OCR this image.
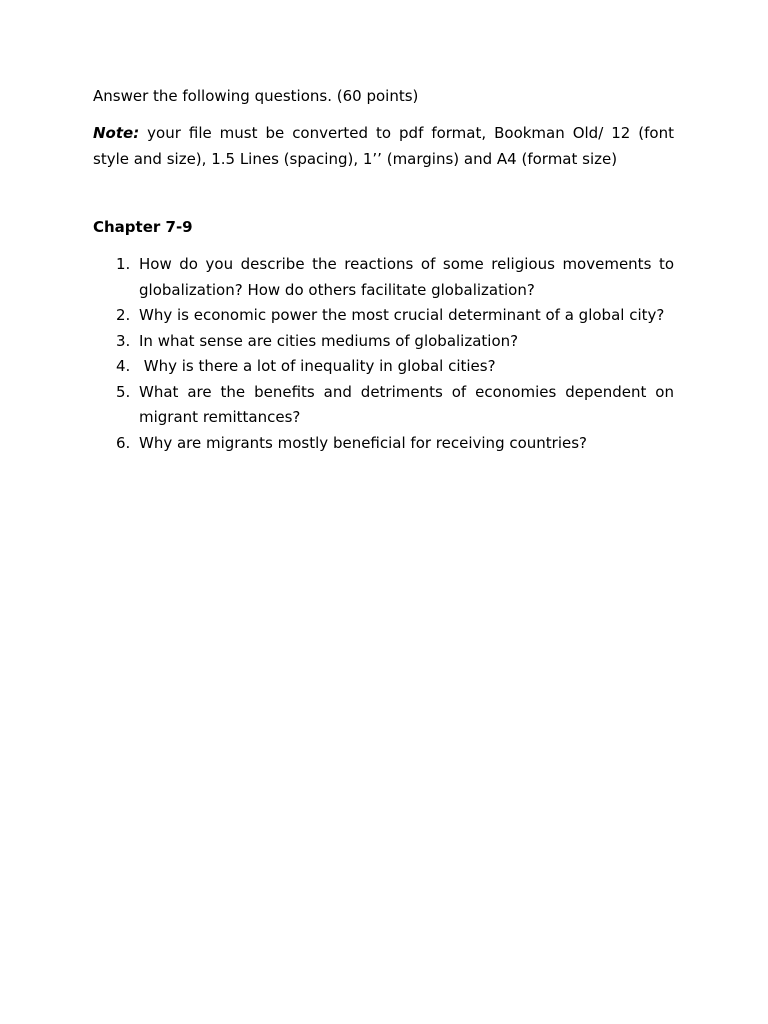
Answer the following questions. (60 points)

Note: your file must be converted to pdf format, Bookman Old/ 12 (font style and size), 1.5 Lines (spacing), 1’’ (margins) and A4 (format size)

Chapter 7-9

1. How do you describe the reactions of some religious movements to globalization? How do others facilitate globalization?
2. Why is economic power the most crucial determinant of a global city?
3. In what sense are cities mediums of globalization?
4. Why is there a lot of inequality in global cities?
5. What are the benefits and detriments of economies dependent on migrant remittances?
6. Why are migrants mostly beneficial for receiving countries?
